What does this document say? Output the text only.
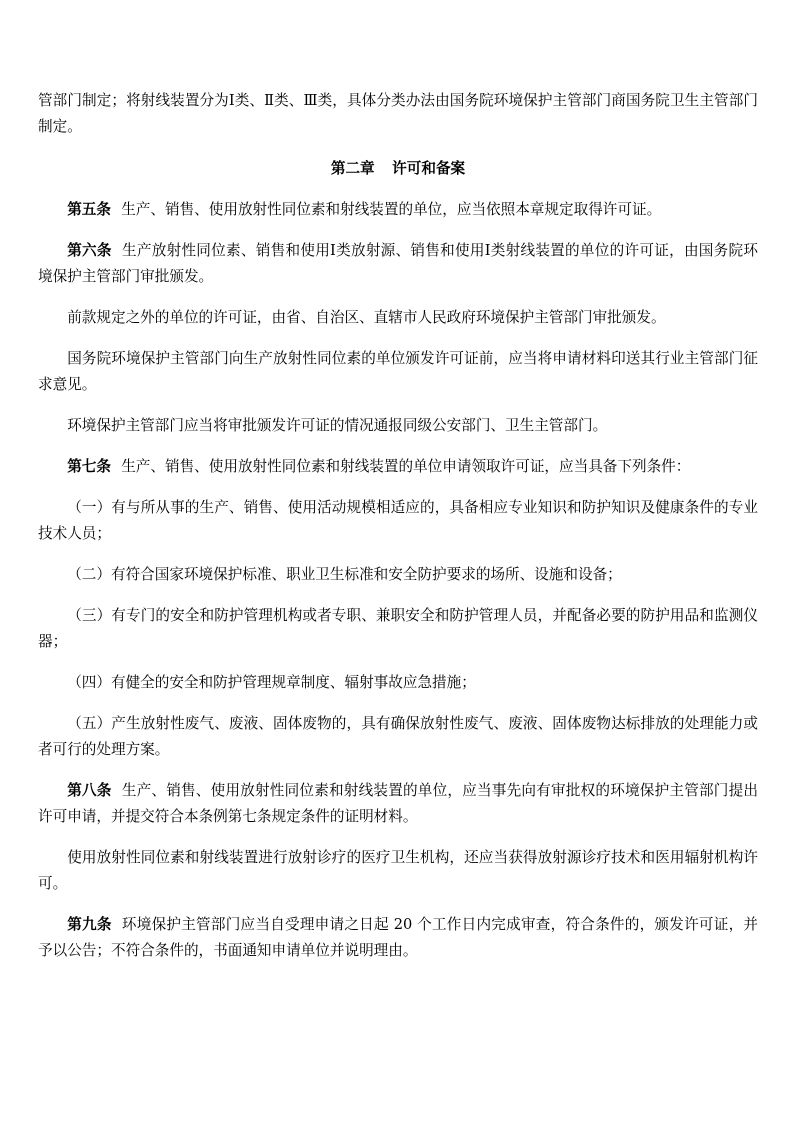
管部门制定；将射线装置分为Ⅰ类、Ⅱ类、Ⅲ类，具体分类办法由国务院环境保护主管部门商国务院卫生主管部门制定。

第二章 许可和备案

第五条 生产、销售、使用放射性同位素和射线装置的单位，应当依照本章规定取得许可证。

第六条 生产放射性同位素、销售和使用Ⅰ类放射源、销售和使用Ⅰ类射线装置的单位的许可证，由国务院环境保护主管部门审批颁发。

前款规定之外的单位的许可证，由省、自治区、直辖市人民政府环境保护主管部门审批颁发。

国务院环境保护主管部门向生产放射性同位素的单位颁发许可证前，应当将申请材料印送其行业主管部门征求意见。

环境保护主管部门应当将审批颁发许可证的情况通报同级公安部门、卫生主管部门。

第七条 生产、销售、使用放射性同位素和射线装置的单位申请领取许可证，应当具备下列条件：

（一）有与所从事的生产、销售、使用活动规模相适应的，具备相应专业知识和防护知识及健康条件的专业技术人员；

（二）有符合国家环境保护标准、职业卫生标准和安全防护要求的场所、设施和设备；

（三）有专门的安全和防护管理机构或者专职、兼职安全和防护管理人员，并配备必要的防护用品和监测仪器；

（四）有健全的安全和防护管理规章制度、辐射事故应急措施；

（五）产生放射性废气、废液、固体废物的，具有确保放射性废气、废液、固体废物达标排放的处理能力或者可行的处理方案。

第八条 生产、销售、使用放射性同位素和射线装置的单位，应当事先向有审批权的环境保护主管部门提出许可申请，并提交符合本条例第七条规定条件的证明材料。

使用放射性同位素和射线装置进行放射诊疗的医疗卫生机构，还应当获得放射源诊疗技术和医用辐射机构许可。

第九条 环境保护主管部门应当自受理申请之日起 20 个工作日内完成审查，符合条件的，颁发许可证，并予以公告；不符合条件的，书面通知申请单位并说明理由。
